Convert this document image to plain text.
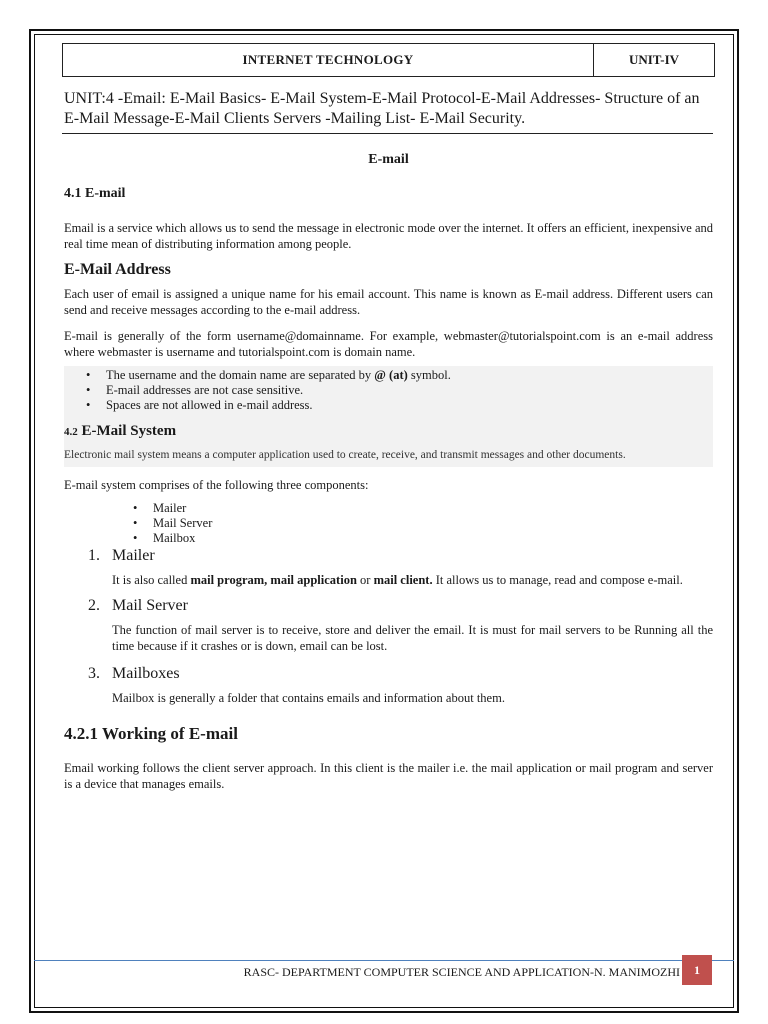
INTERNET TECHNOLOGY	UNIT-IV
UNIT:4 -Email: E-Mail Basics- E-Mail System-E-Mail Protocol-E-Mail Addresses- Structure of an E-Mail Message-E-Mail Clients Servers -Mailing List- E-Mail Security.
E-mail
4.1 E-mail

Email is a service which allows us to send the message in electronic mode over the internet. It offers an efficient, inexpensive and real time mean of distributing information among people.

E-Mail Address

Each user of email is assigned a unique name for his email account. This name is known as E-mail address. Different users can send and receive messages according to the e-mail address.

E-mail is generally of the form username@domainname. For example, webmaster@tutorialspoint.com is an e-mail address where webmaster is username and tutorialspoint.com is domain name.

• The username and the domain name are separated by @ (at) symbol.
• E-mail addresses are not case sensitive.
• Spaces are not allowed in e-mail address.
4.2 E-Mail System

Electronic mail system means a computer application used to create, receive, and transmit messages and other documents.

E-mail system comprises of the following three components:

• Mailer
• Mail Server
• Mailbox
1. Mailer

It is also called mail program, mail application or mail client. It allows us to manage, read and compose e-mail.

2. Mail Server

The function of mail server is to receive, store and deliver the email. It is must for mail servers to be Running all the time because if it crashes or is down, email can be lost.

3. Mailboxes

Mailbox is generally a folder that contains emails and information about them.

4.2.1 Working of E-mail

Email working follows the client server approach. In this client is the mailer i.e. the mail application or mail program and server is a device that manages emails.

RASC- DEPARTMENT COMPUTER SCIENCE AND APPLICATION-N. MANIMOZHI	1
